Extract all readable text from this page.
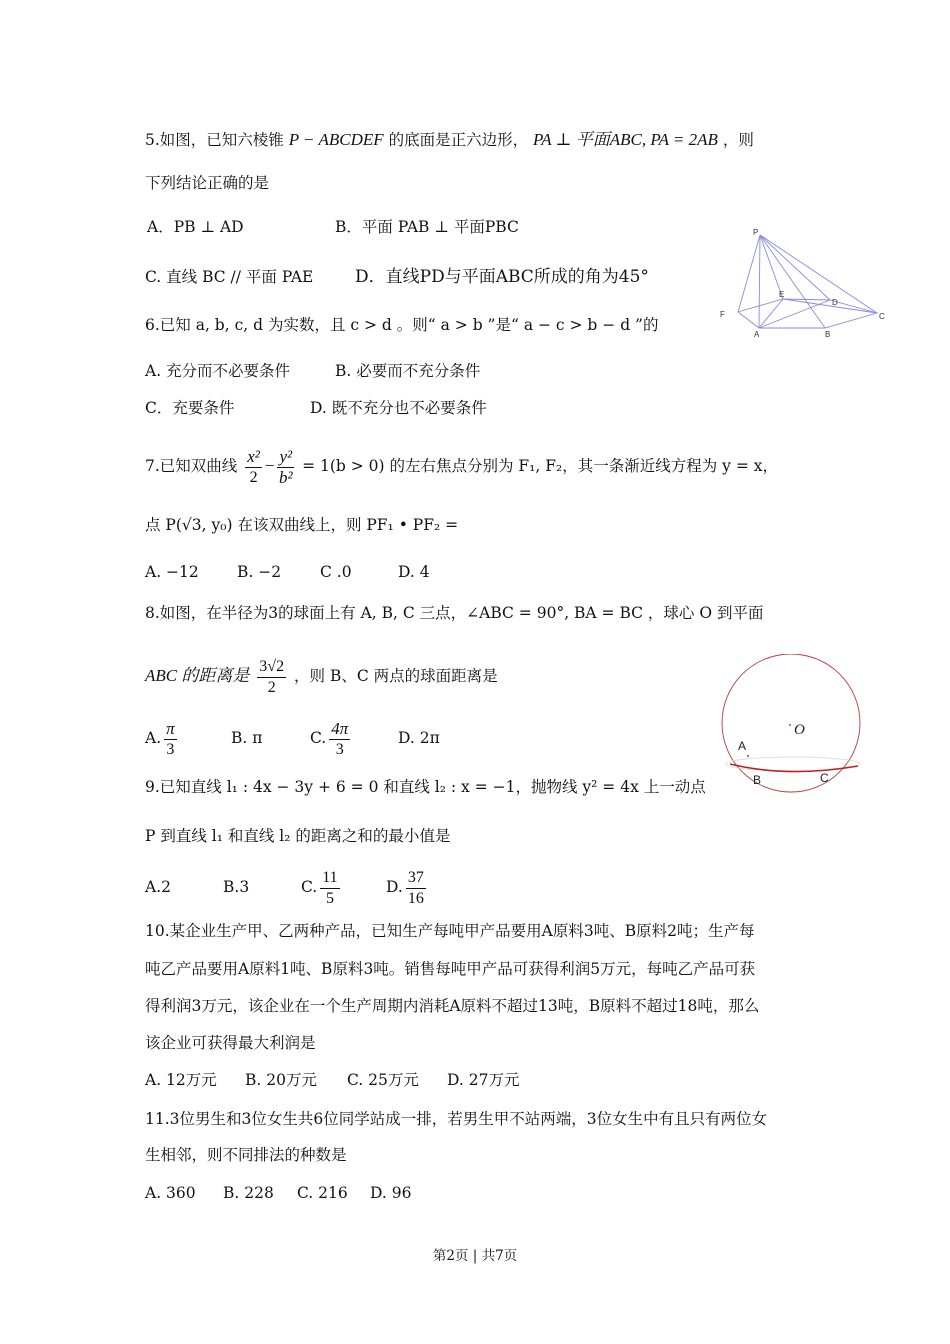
5.如图，已知六棱锥 P − ABCDEF 的底面是正六边形， PA ⊥ 平面ABC, PA = 2AB ，则
下列结论正确的是
A．PB ⊥ AD	B．平面 PAB ⊥ 平面PBC
C. 直线 BC // 平面 PAE D．直线PD与平面ABC所成的角为45°
P
A	B
C
D
E
F
6.已知 a, b, c, d 为实数，且 c > d 。则“ a > b ”是“ a − c > b − d ”的
A. 充分而不必要条件	B. 必要而不充分条件
C．充要条件	D. 既不充分也不必要条件
7.已知双曲线 $\frac{\text{x²}}{2} - \frac{\text{y²}}{\text{b²}} = 1(b > 0)$ 的左右焦点分别为 F₁, F₂，其一条渐近线方程为 y = x，
点 P(√3, y₀) 在该双曲线上，则 PF₁ • PF₂ =
A. −12 B. −2	C .0	D. 4
8.如图，在半径为3的球面上有 A, B, C 三点，∠ABC = 90°, BA = BC ，球心 O 到平面
ABC 的距离是 $\frac{3√2}{2}$ ，则 B、C 两点的球面距离是
A. $\frac{\pi}{3}$	B. π	C. $\frac{4\pi}{3}$	D. 2π	O
A
B	C
9.已知直线 l₁ : 4x − 3y + 6 = 0 和直线 l₂ : x = −1，抛物线 y² = 4x 上一动点
P 到直线 l₁ 和直线 l₂ 的距离之和的最小值是
A.2	B.3	C. $\frac{11}{5}$	D. $\frac{37}{16}$
10.某企业生产甲、乙两种产品，已知生产每吨甲产品要用A原料3吨、B原料2吨；生产每
吨乙产品要用A原料1吨、B原料3吨。销售每吨甲产品可获得利润5万元，每吨乙产品可获
得利润3万元，该企业在一个生产周期内消耗A原料不超过13吨，B原料不超过18吨，那么
该企业可获得最大利润是
A. 12万元 B. 20万元 C. 25万元 D. 27万元
11.3位男生和3位女生共6位同学站成一排，若男生甲不站两端，3位女生中有且只有两位女
生相邻，则不同排法的种数是
A. 360 B. 228 C. 216 D. 96
第2页 | 共7页
